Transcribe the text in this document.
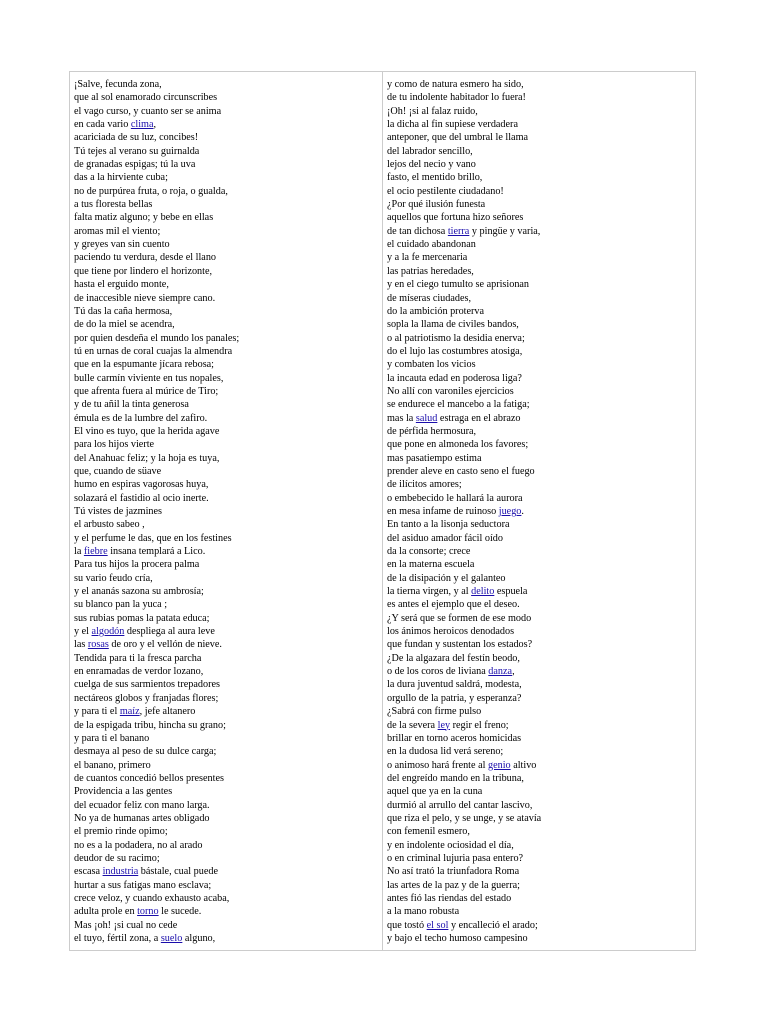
¡Salve, fecunda zona,
que al sol enamorado circunscribes
el vago curso, y cuanto ser se anima
en cada vario clima,
acariciada de su luz, concibes!
Tú tejes al verano su guirnalda
de granadas espigas; tú la uva
das a la hirviente cuba;
no de purpúrea fruta, o roja, o gualda,
a tus floresta bellas
falta matiz alguno; y bebe en ellas
aromas mil el viento;
y greyes van sin cuento
paciendo tu verdura, desde el llano
que tiene por lindero el horizonte,
hasta el erguido monte,
de inaccesible nieve siempre cano.
Tú das la caña hermosa,
de do la miel se acendra,
por quien desdeña el mundo los panales;
tú en urnas de coral cuajas la almendra
que en la espumante jícara rebosa;
bulle carmín viviente en tus nopales,
que afrenta fuera al múrice de Tiro;
y de tu añil la tinta generosa
émula es de la lumbre del zafiro.
El vino es tuyo, que la herida agave
para los hijos vierte
del Anahuac feliz; y la hoja es tuya,
que, cuando de süave
humo en espiras vagorosas huya,
solazará el fastidio al ocio inerte.
Tú vistes de jazmines
el arbusto sabeo ,
y el perfume le das, que en los festines
la fiebre insana templará a Lico.
Para tus hijos la procera palma
su vario feudo cría,
y el ananás sazona su ambrosía;
su blanco pan la yuca ;
sus rubias pomas la patata educa;
y el algodón despliega al aura leve
las rosas de oro y el vellón de nieve.
Tendida para ti la fresca parcha
en enramadas de verdor lozano,
cuelga de sus sarmientos trepadores
nectáreos globos y franjadas flores;
y para ti el maíz, jefe altanero
de la espigada tribu, hincha su grano;
y para ti el banano
desmaya al peso de su dulce carga;
el banano, primero
de cuantos concedió bellos presentes
Providencia a las gentes
del ecuador feliz con mano larga.
No ya de humanas artes obligado
el premio rinde opimo;
no es a la podadera, no al arado
deudor de su racimo;
escasa industria bástale, cual puede
hurtar a sus fatigas mano esclava;
crece veloz, y cuando exhausto acaba,
adulta prole en torno le sucede.
Mas ¡oh! ¡si cual no cede
el tuyo, fértil zona, a suelo alguno,
y como de natura esmero ha sido,
de tu indolente habitador lo fuera!
¡Oh! ¡si al falaz ruido,
la dicha al fin supiese verdadera
anteponer, que del umbral le llama
del labrador sencillo,
lejos del necio y vano
fasto, el mentido brillo,
el ocio pestilente ciudadano!
¿Por qué ilusión funesta
aquellos que fortuna hizo señores
de tan dichosa tierra y pingüe y varia,
el cuidado abandonan
y a la fe mercenaria
las patrias heredades,
y en el ciego tumulto se aprisionan
de míseras ciudades,
do la ambición proterva
sopla la llama de civiles bandos,
o al patriotismo la desidia enerva;
do el lujo las costumbres atosiga,
y combaten los vicios
la incauta edad en poderosa liga?
No allí con varoniles ejercicios
se endurece el mancebo a la fatiga;
mas la salud estraga en el abrazo
de pérfida hermosura,
que pone en almoneda los favores;
mas pasatiempo estima
prender aleve en casto seno el fuego
de ilícitos amores;
o embebecido le hallará la aurora
en mesa infame de ruinoso juego.
En tanto a la lisonja seductora
del asiduo amador fácil oído
da la consorte; crece
en la materna escuela
de la disipación y el galanteo
la tierna virgen, y al delito espuela
es antes el ejemplo que el deseo.
¿Y será que se formen de ese modo
los ánimos heroicos denodados
que fundan y sustentan los estados?
¿De la algazara del festín beodo,
o de los coros de liviana danza,
la dura juventud saldrá, modesta,
orgullo de la patria, y esperanza?
¿Sabrá con firme pulso
de la severa ley regir el freno;
brillar en torno aceros homicidas
en la dudosa lid verá sereno;
o animoso hará frente al genio altivo
del engreído mando en la tribuna,
aquel que ya en la cuna
durmió al arrullo del cantar lascivo,
que riza el pelo, y se unge, y se atavía
con femenil esmero,
y en indolente ociosidad el día,
o en criminal lujuria pasa entero?
No así trató la triunfadora Roma
las artes de la paz y de la guerra;
antes fió las riendas del estado
a la mano robusta
que tostó el sol y encalleció el arado;
y bajo el techo humoso campesino
